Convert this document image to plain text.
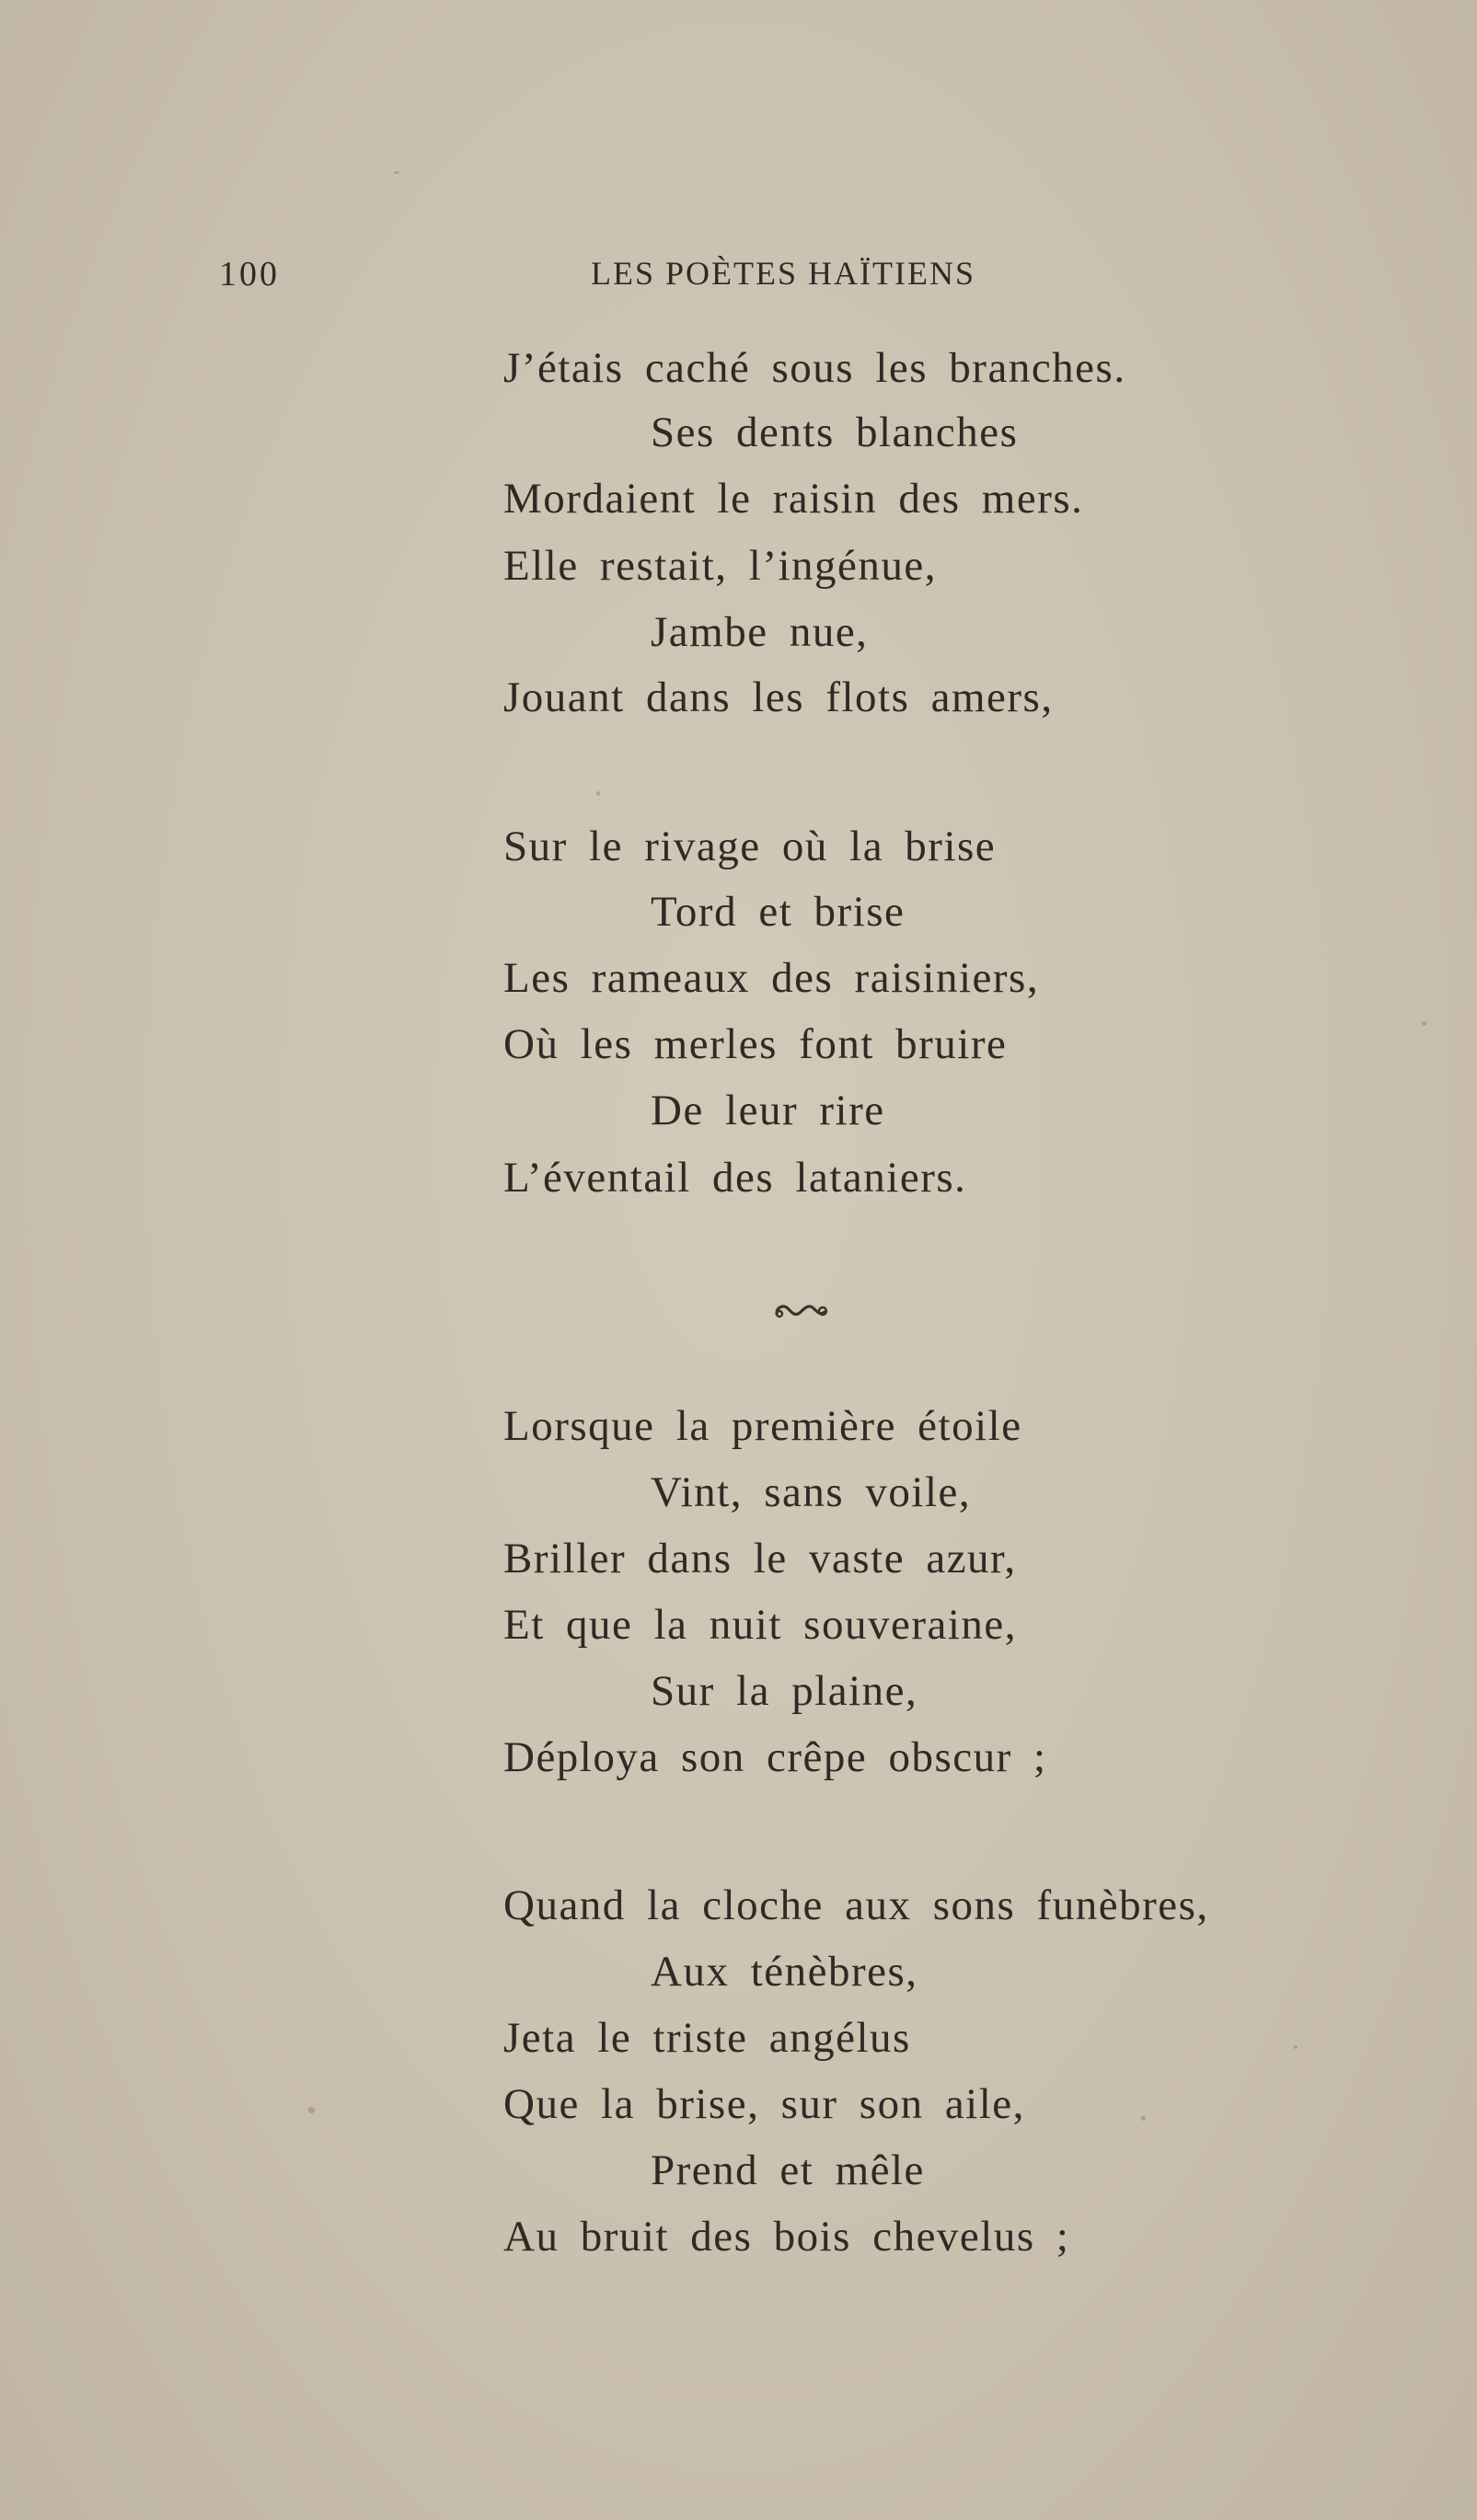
100	LES POÈTES HAÏTIENS
J’étais caché sous les branches.
Ses dents blanches
Mordaient le raisin des mers.
Elle restait, l’ingénue,
Jambe nue,
Jouant dans les flots amers,
Sur le rivage où la brise
Tord et brise
Les rameaux des raisiniers,
Où les merles font bruire
De leur rire
L’éventail des lataniers.
Lorsque la première étoile
Vint, sans voile,
Briller dans le vaste azur,
Et que la nuit souveraine,
Sur la plaine,
Déploya son crêpe obscur ;
Quand la cloche aux sons funèbres,
Aux ténèbres,
Jeta le triste angélus
Que la brise, sur son aile,
Prend et mêle
Au bruit des bois chevelus ;
